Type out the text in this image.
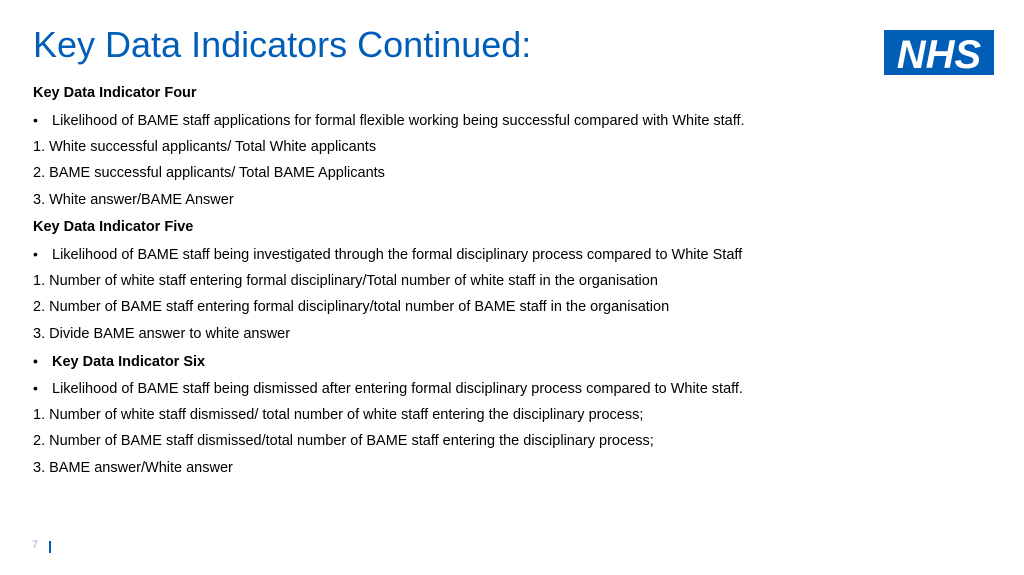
Key Data Indicators Continued:	NHS
Key Data Indicator Four
• Likelihood of BAME staff applications for formal flexible working being successful compared with White staff.
1. White successful applicants/ Total White applicants
2. BAME successful applicants/ Total BAME Applicants
3. White answer/BAME Answer
Key Data Indicator Five
• Likelihood of BAME staff being investigated through the formal disciplinary process compared to White Staff
1. Number of white staff entering formal disciplinary/Total number of white staff in the organisation
2. Number of BAME staff entering formal disciplinary/total number of BAME staff in the organisation
3. Divide BAME answer to white answer
• Key Data Indicator Six
• Likelihood of BAME staff being dismissed after entering formal disciplinary process compared to White staff.
1. Number of white staff dismissed/ total number of white staff entering the disciplinary process;
2. Number of BAME staff dismissed/total number of BAME staff entering the disciplinary process;
3. BAME answer/White answer
7
